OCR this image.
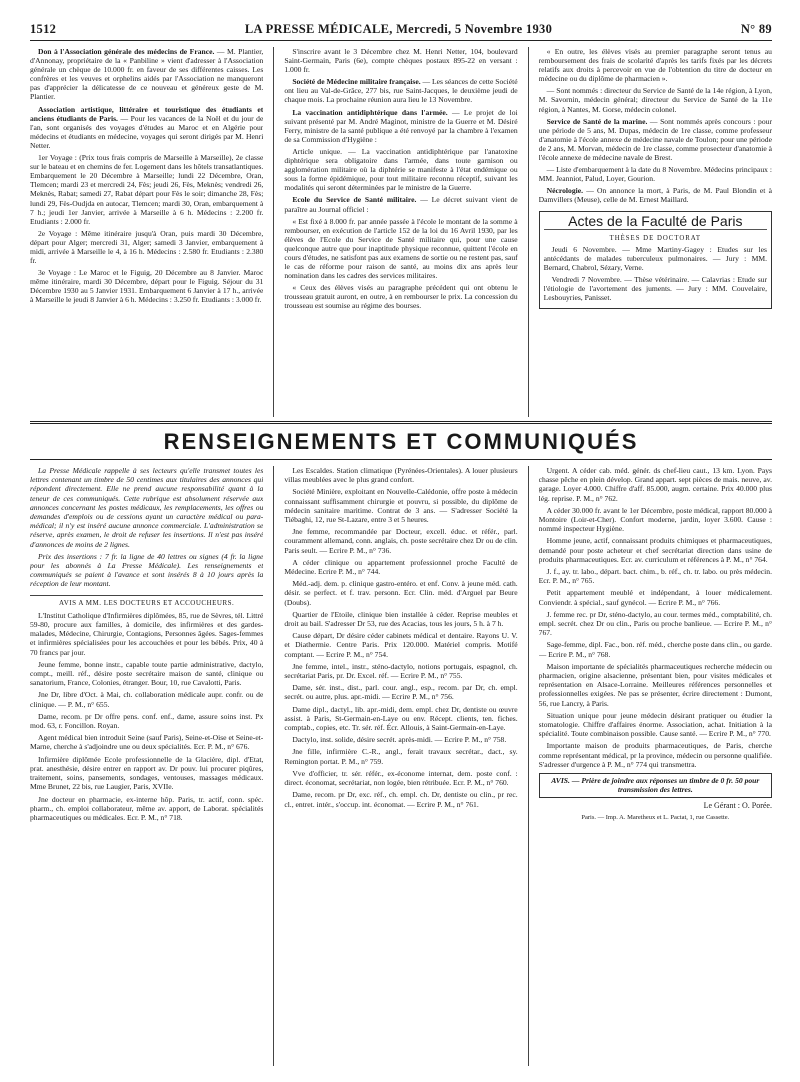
1512	LA PRESSE MÉDICALE, Mercredi, 5 Novembre 1930	N° 89

Don à l'Association générale des médecins de France. — M. Plantier, d'Annonay, propriétaire de la « Panbiline » vient d'adresser à l'Association générale un chèque de 10.000 fr. en faveur de ses différentes caisses. Les confrères et les veuves et orphelins aidés par l'Association ne manqueront pas d'apprécier la délicatesse de ce nouveau et généreux geste de M. Plantier.

Association artistique, littéraire et touristique des étudiants et anciens étudiants de Paris. — Pour les vacances de la Noël et du jour de l'an, sont organisés des voyages d'études au Maroc et en Algérie pour médecins et étudiants en médecine, voyages qui seront dirigés par M. Henri Netter.

1er Voyage : (Prix tous frais compris de Marseille à Marseille), 2e classe sur le bateau et en chemins de fer. Logement dans les hôtels transatlantiques. Embarquement le 20 Décembre à Marseille; lundi 22 Décembre, Oran, Tlemcen; mardi 23 et mercredi 24, Fès; jeudi 26, Fès, Meknès; vendredi 26, Meknès, Rabat; samedi 27, Rabat départ pour Fès le soir; dimanche 28, Fès; lundi 29, Fès-Oudjda en autocar, Tlemcen; mardi 30, Oran, embarquement à 7 h.; jeudi 1er Janvier, arrivée à Marseille à 6 h. Médecins : 2.200 fr. Etudiants : 2.000 fr.

2e Voyage : Même itinéraire jusqu'à Oran, puis mardi 30 Décembre, départ pour Alger; mercredi 31, Alger; samedi 3 Janvier, embarquement à midi, arrivée à Marseille le 4, à 16 h. Médecins : 2.580 fr. Etudiants : 2.380 fr.

3e Voyage : Le Maroc et le Figuig, 20 Décembre au 8 Janvier. Maroc même itinéraire, mardi 30 Décembre, départ pour le Figuig. Séjour du 31 Décembre 1930 au 5 Janvier 1931. Embarquement 6 Janvier à 17 h., arrivée à Marseille le jeudi 8 Janvier à 6 h. Médecins : 3.250 fr. Etudiants : 3.000 fr.

S'inscrire avant le 3 Décembre chez M. Henri Netter, 104, boulevard Saint-Germain, Paris (6e), compte chèques postaux 895-22 en versant : 1.000 fr.

Société de Médecine militaire française. — Les séances de cette Société ont lieu au Val-de-Grâce, 277 bis, rue Saint-Jacques, le deuxième jeudi de chaque mois. La prochaine réunion aura lieu le 13 Novembre.

La vaccination antidiphtérique dans l'armée. — Le projet de loi suivant présenté par M. André Maginot, ministre de la Guerre et M. Désiré Ferry, ministre de la santé publique a été renvoyé par la chambre à l'examen de sa Commission d'Hygiène :

Article unique. — La vaccination antidiphtérique par l'anatoxine diphtérique sera obligatoire dans l'armée, dans toute garnison ou agglomération militaire où la diphtérie se manifeste à l'état endémique ou sous la forme épidémique, pour tout militaire reconnu réceptif, suivant les modalités qui seront déterminées par le ministre de la Guerre.

Ecole du Service de Santé militaire. — Le décret suivant vient de paraître au Journal officiel :

« Est fixé à 8.000 fr. par année passée à l'école le montant de la somme à rembourser, en exécution de l'article 152 de la loi du 16 Avril 1930, par les élèves de l'Ecole du Service de Santé militaire qui, pour une cause quelconque autre que pour inaptitude physique reconnue, quittent l'école en cours d'études, ne satisfont pas aux examens de sortie ou ne restent pas, sauf le cas de réforme pour raison de santé, au moins dix ans après leur nomination dans les cadres des services militaires.

« Ceux des élèves visés au paragraphe précédent qui ont obtenu le trousseau gratuit auront, en outre, à en rembourser le prix. La concession du trousseau est soumise au régime des bourses.

« En outre, les élèves visés au premier paragraphe seront tenus au remboursement des frais de scolarité d'après les tarifs fixés par les décrets relatifs aux droits à percevoir en vue de l'obtention du titre de docteur en médecine ou du diplôme de pharmacien ».

— Sont nommés : directeur du Service de Santé de la 14e région, à Lyon, M. Savornin, médecin général; directeur du Service de Santé de la 11e région, à Nantes, M. Gorse, médecin colonel.

Service de Santé de la marine. — Sont nommés après concours : pour une période de 5 ans, M. Dupas, médecin de 1re classe, comme professeur d'anatomie à l'école annexe de médecine navale de Toulon; pour une période de 2 ans, M. Morvan, médecin de 1re classe, comme prosecteur d'anatomie à l'école annexe de médecine navale de Brest.

— Liste d'embarquement à la date du 8 Novembre. Médecins principaux : MM. Jeanniot, Palud, Loyer, Gourion.

Nécrologie. — On annonce la mort, à Paris, de M. Paul Blondin et à Damvillers (Meuse), celle de M. Ernest Maillard.

Actes de la Faculté de Paris
THÈSES DE DOCTORAT

Jeudi 6 Novembre. — Mme Martiny-Gagey : Etudes sur les antécédants de malades tuberculeux pulmonaires. — Jury : MM. Bernard, Chabrol, Sézary, Verne.

Vendredi 7 Novembre. — Thèse vétérinaire. — Calavrias : Etude sur l'étiologie de l'avortement des juments. — Jury : MM. Couvelaire, Lesbouyries, Panisset.

RENSEIGNEMENTS ET COMMUNIQUÉS

La Presse Médicale rappelle à ses lecteurs qu'elle transmet toutes les lettres contenant un timbre de 50 centimes aux titulaires des annonces qui répondent directement. Elle ne prend aucune responsabilité quant à la teneur de ces communiqués. Cette rubrique est absolument réservée aux annonces concernant les postes médicaux, les remplacements, les offres ou demandes d'emplois ou de cessions ayant un caractère médical ou para-médical; il n'y est inséré aucune annonce commerciale. L'administration se réserve, après examen, le droit de refuser les insertions. Il n'est pas inséré d'annonces de moins de 2 lignes.

Prix des insertions : 7 fr. la ligne de 40 lettres ou signes (4 fr. la ligne pour les abonnés à La Presse Médicale). Les renseignements et communiqués se paient à l'avance et sont insérés 8 à 10 jours après la réception de leur montant.

AVIS A MM. LES DOCTEURS ET ACCOUCHEURS.

L'Institut Catholique d'Infirmières diplômées, 85, rue de Sèvres, tél. Littré 59-80, procure aux familles, à domicile, des infirmières et des gardes-malades, Médecine, Chirurgie, Contagions, Personnes âgées. Sages-femmes et infirmières spécialisées pour les accouchées et pour les bébés. Prix, 40 à 70 francs par jour.

Jeune femme, bonne instr., capable toute partie administrative, dactylo, compt., meill. réf., désire poste secrétaire maison de santé, clinique ou sanatorium, France, Colonies, étranger. Bour, 10, rue Cavalotti, Paris.

Jne Dr, libre d'Oct. à Mai, ch. collaboration médicale aupr. confr. ou de clinique. — P. M., n° 655.

Dame, recom. pr Dr offre pens. conf. enf., dame, assure soins inst. Px mod. 63, r. Foncillon. Royan.

Agent médical bien introduit Seine (sauf Paris), Seine-et-Oise et Seine-et-Marne, cherche à s'adjoindre une ou deux spécialités. Ecr. P. M., n° 676.

Infirmière diplômée Ecole professionnelle de la Glacière, dipl. d'Etat, prat. anesthésie, désire entrer en rapport av. Dr pouv. lui procurer piqûres, traitement, soins, pansements, sondages, ventouses, massages médicaux. Mme Brunet, 22 bis, rue Laugier, Paris, XVIIe.

Jne docteur en pharmacie, ex-interne hôp. Paris, tr. actif, conn. spéc. pharm., ch. emploi collaborateur, même av. apport, de Laborat. spécialités pharmaceutiques ou médicales. Ecr. P. M., n° 718.

Les Escaldes. Station climatique (Pyrénées-Orientales). A louer plusieurs villas meublées avec le plus grand confort.

Société Minière, exploitant en Nouvelle-Calédonie, offre poste à médecin connaissant suffisamment chirurgie et pouvru, si possible, du diplôme de médecin sanitaire maritime. Contrat de 3 ans. — S'adresser Société la Tiébaghi, 12, rue St-Lazare, entre 3 et 5 heures.

Jne femme, recommandée par Docteur, excell. éduc. et référ., parl. couramment allemand, conn. anglais, ch. poste secrétaire chez Dr ou de clin. Paris seult. — Ecrire P. M., n° 736.

A céder clinique ou appartement professionnel proche Faculté de Médecine. Ecrire P. M., n° 744.

Méd.-adj. dem. p. clinique gastro-entéro. et enf. Conv. à jeune méd. cath. désir. se perfect. et f. trav. personn. Ecr. Clin. méd. d'Arguel par Beure (Doubs).

Quartier de l'Etoile, clinique bien installée à céder. Reprise meubles et droit au bail. S'adresser Dr 53, rue des Acacias, tous les jours, 5 h. à 7 h.

Cause départ, Dr désire céder cabinets médical et dentaire. Rayons U. V. et Diathermie. Centre Paris. Prix 120.000. Matériel compris. Motifé comptant. — Ecrire P. M., n° 754.

Jne femme, intel., instr., sténo-dactylo, notions portugais, espagnol, ch. secrétariat Paris, pr. Dr. Excel. réf. — Ecrire P. M., n° 755.

Dame, sér. inst., dist., parl. cour. angl., esp., recom. par Dr, ch. empl. secrét. ou autre, plus. apr.-midi. — Ecrire P. M., n° 756.

Dame dipl., dactyl., lib. apr.-midi, dem. empl. chez Dr, dentiste ou œuvre assist. à Paris, St-Germain-en-Laye ou env. Récept. clients, ten. fiches. comptab., copies, etc. Tr. sér. réf. Écr. Allouis, à Saint-Germain-en-Laye.

Dactylo, inst. solide, désire secrét. après-midi. — Ecrire P. M., n° 758.

Jne fille, infirmière C.-R., angl., ferait travaux secrétar., dact., sy. Remington portat. P. M., n° 759.

Vve d'officier, tr. sér. référ., ex-économe internat, dem. poste conf. : direct. économat, secrétariat, non logée, bien rétribuée. Ecr. P. M., n° 760.

Dame, recom. pr Dr, exc. réf., ch. empl. ch. Dr, dentiste ou clin., pr rec. cl., entret. intér., s'occup. int. économat. — Ecrire P. M., n° 761.

Urgent. A céder cab. méd. génér. ds chef-lieu caut., 13 km. Lyon. Pays chasse pêche en plein dévelop. Grand appart. sept pièces de mais. neuve, av. garage. Loyer 4.000. Chiffre d'aff. 85.000, augm. certaine. Prix 40.000 plus lég. reprise. P. M., n° 762.

A céder 30.000 fr. avant le 1er Décembre, poste médical, rapport 80.000 à Montoire (Loir-et-Cher). Confort moderne, jardin, loyer 3.600. Cause : nommé inspecteur Hygiène.

Homme jeune, actif, connaissant produits chimiques et pharmaceutiques, demandé pour poste acheteur et chef secrétariat direction dans usine de produits pharmaceutiques. Ecr. av. curriculum et références à P. M., n° 764.

J. f., ay. tr. labo., départ. bact. chim., b. réf., ch. tr. labo. ou près médecin. Ecr. P. M., n° 765.

Petit appartement meublé et indépendant, à louer médicalement. Conviendr. à spécial., sauf gynécol. — Ecrire P. M., n° 766.

J. femme rec. pr Dr, sténo-dactylo, au cour. termes méd., comptabilité, ch. empl. secrét. chez Dr ou clin., Paris ou proche banlieue. — Ecrire P. M., n° 767.

Sage-femme, dipl. Fac., bon. réf. méd., cherche poste dans clin., ou garde. — Ecrire P. M., n° 768.

Maison importante de spécialités pharmaceutiques recherche médecin ou pharmacien, origine alsacienne, présentant bien, pour visites médicales et représentation en Alsace-Lorraine. Meilleures références personnelles et professionnelles exigées. Ne pas se présenter, écrire directement : Dumont, 56, rue Lancry, à Paris.

Situation unique pour jeune médecin désirant pratiquer ou étudier la stomatologie. Chiffre d'affaires énorme. Association, achat. Initiation à la spécialité. Toute combinaison possible. Cause santé. — Ecrire P. M., n° 770.

Importante maison de produits pharmaceutiques, de Paris, cherche comme représentant médical, pr la province, médecin ou personne qualifiée. S'adresser d'urgence à P. M., n° 774 qui transmettra.

AVIS. — Prière de joindre aux réponses un timbre de 0 fr. 50 pour transmission des lettres.
Le Gérant : O. Porée.
Paris. — Imp. A. Maretheux et L. Pactat, 1, rue Cassette.
